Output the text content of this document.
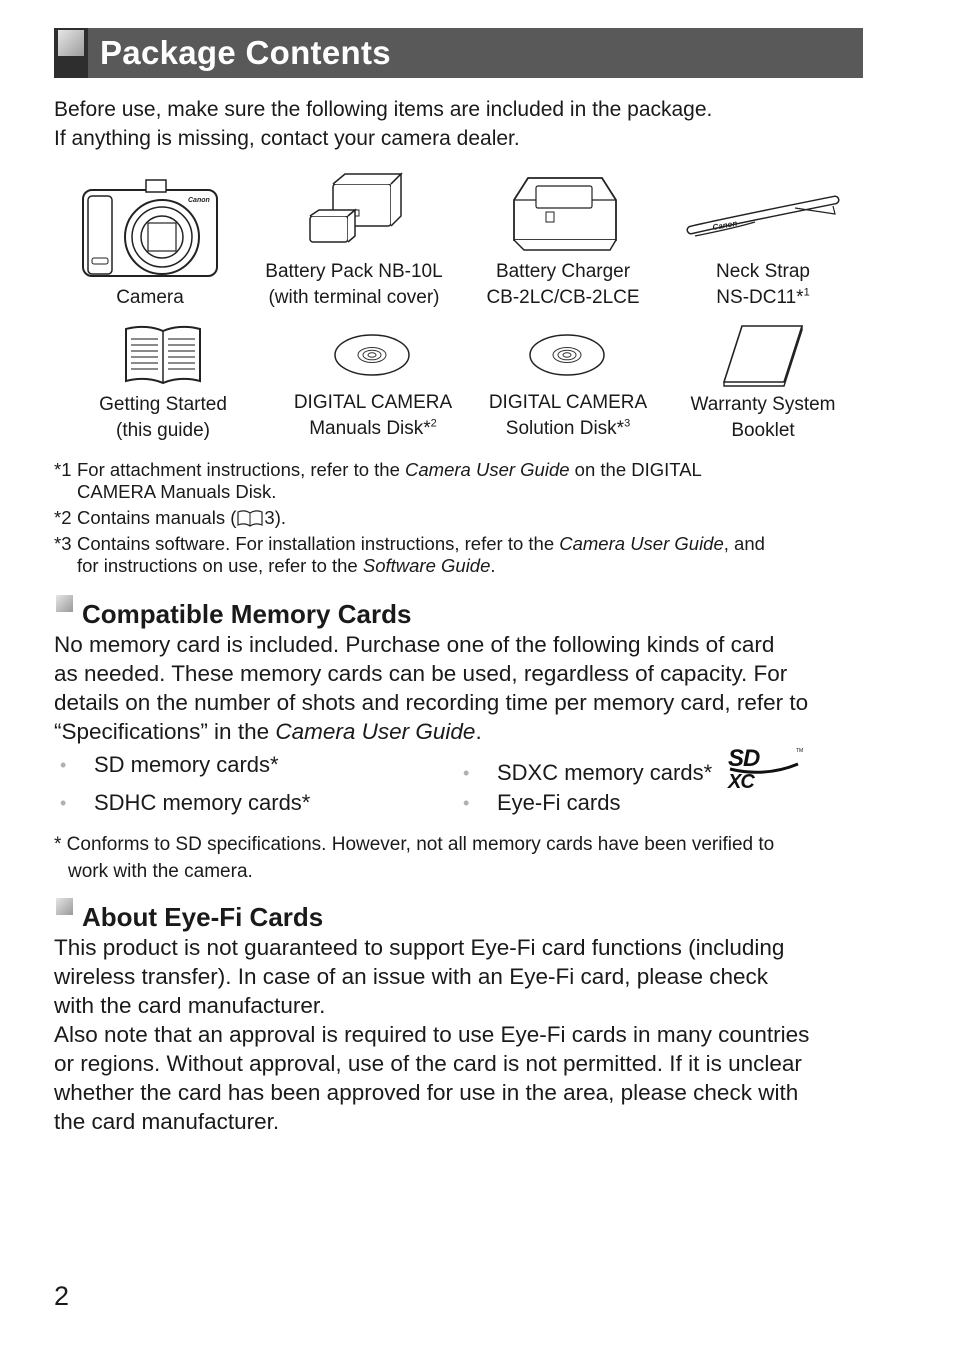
Package Contents
Before use, make sure the following items are included in the package.
If anything is missing, contact your camera dealer.
Canon
Camera
Battery Pack NB-10L
(with terminal cover)
Battery Charger
CB-2LC/CB-2LCE
Canon
Neck Strap
NS-DC11*$^1$
Getting Started
(this guide)
DIGITAL CAMERA
Manuals Disk*$^2$
DIGITAL CAMERA
Solution Disk*$^3$
Warranty System
Booklet
*1 For attachment instructions, refer to the Camera User Guide on the DIGITAL
CAMERA Manuals Disk.
*2 Contains manuals ( 3).
*3 Contains software. For installation instructions, refer to the Camera User Guide, and
for instructions on use, refer to the Software Guide.
Compatible Memory Cards
No memory card is included. Purchase one of the following kinds of card
as needed. These memory cards can be used, regardless of capacity. For
details on the number of shots and recording time per memory card, refer to
“Specifications” in the Camera User Guide.
• SD memory cards*
• SDHC memory cards*
• SDXC memory cards*
SD
XC
TM
• Eye-Fi cards
* Conforms to SD specifications. However, not all memory cards have been verified to
work with the camera.
About Eye-Fi Cards
This product is not guaranteed to support Eye-Fi card functions (including
wireless transfer). In case of an issue with an Eye-Fi card, please check
with the card manufacturer.
Also note that an approval is required to use Eye-Fi cards in many countries
or regions. Without approval, use of the card is not permitted. If it is unclear
whether the card has been approved for use in the area, please check with
the card manufacturer.
2
